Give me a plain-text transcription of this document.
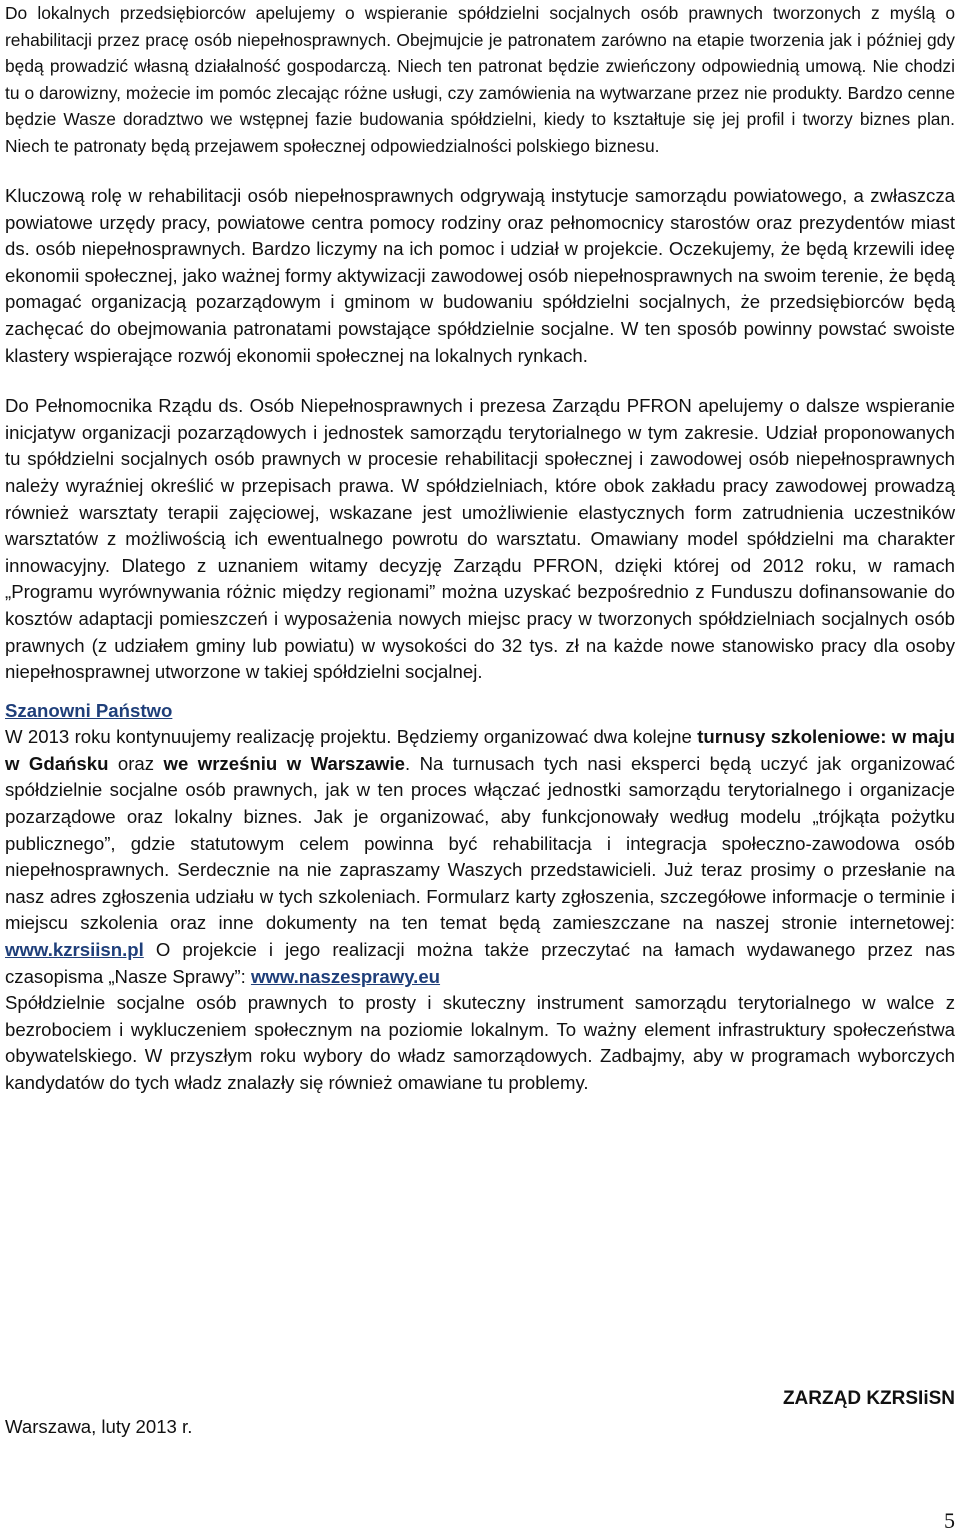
Do lokalnych przedsiębiorców apelujemy o wspieranie spółdzielni socjalnych osób prawnych tworzonych z myślą o rehabilitacji przez pracę osób niepełnosprawnych. Obejmujcie je patronatem zarówno na etapie tworzenia jak i później gdy będą prowadzić własną działalność gospodarczą. Niech ten patronat będzie zwieńczony odpowiednią umową. Nie chodzi tu o darowizny, możecie im pomóc zlecając różne usługi, czy zamówienia na wytwarzane przez nie produkty. Bardzo cenne będzie Wasze doradztwo we wstępnej fazie budowania spółdzielni, kiedy to kształtuje się jej profil i tworzy biznes plan. Niech te patronaty będą przejawem społecznej odpowiedzialności polskiego biznesu.

Kluczową rolę w rehabilitacji osób niepełnosprawnych odgrywają instytucje samorządu powiatowego, a zwłaszcza powiatowe urzędy pracy, powiatowe centra pomocy rodziny oraz pełnomocnicy starostów oraz prezydentów miast ds. osób niepełnosprawnych. Bardzo liczymy na ich pomoc i udział w projekcie. Oczekujemy, że będą krzewili ideę ekonomii społecznej, jako ważnej formy aktywizacji zawodowej osób niepełnosprawnych na swoim terenie, że będą pomagać organizacją pozarządowym i gminom w budowaniu spółdzielni socjalnych, że przedsiębiorców będą zachęcać do obejmowania patronatami powstające spółdzielnie socjalne. W ten sposób powinny powstać swoiste klastery wspierające rozwój ekonomii społecznej na lokalnych rynkach.

Do Pełnomocnika Rządu ds. Osób Niepełnosprawnych i prezesa Zarządu PFRON apelujemy o dalsze wspieranie inicjatyw organizacji pozarządowych i jednostek samorządu terytorialnego w tym zakresie. Udział proponowanych tu spółdzielni socjalnych osób prawnych w procesie rehabilitacji społecznej i zawodowej osób niepełnosprawnych należy wyraźniej określić w przepisach prawa. W spółdzielniach, które obok zakładu pracy zawodowej prowadzą również warsztaty terapii zajęciowej, wskazane jest umożliwienie elastycznych form zatrudnienia uczestników warsztatów z możliwością ich ewentualnego powrotu do warsztatu. Omawiany model spółdzielni ma charakter innowacyjny. Dlatego z uznaniem witamy decyzję Zarządu PFRON, dzięki której od 2012 roku, w ramach „Programu wyrównywania różnic między regionami” można uzyskać bezpośrednio z Funduszu dofinansowanie do kosztów adaptacji pomieszczeń i wyposażenia nowych miejsc pracy w tworzonych spółdzielniach socjalnych osób prawnych (z udziałem gminy lub powiatu) w wysokości do 32 tys. zł na każde nowe stanowisko pracy dla osoby niepełnosprawnej utworzone w takiej spółdzielni socjalnej.

Szanowni Państwo

W 2013 roku kontynuujemy realizację projektu. Będziemy organizować dwa kolejne turnusy szkoleniowe: w maju w Gdańsku oraz we wrześniu w Warszawie. Na turnusach tych nasi eksperci będą uczyć jak organizować spółdzielnie socjalne osób prawnych, jak w ten proces włączać jednostki samorządu terytorialnego i organizacje pozarządowe oraz lokalny biznes. Jak je organizować, aby funkcjonowały według modelu „trójkąta pożytku publicznego”, gdzie statutowym celem powinna być rehabilitacja i integracja społeczno-zawodowa osób niepełnosprawnych. Serdecznie na nie zapraszamy Waszych przedstawicieli. Już teraz prosimy o przesłanie na nasz adres zgłoszenia udziału w tych szkoleniach. Formularz karty zgłoszenia, szczegółowe informacje o terminie i miejscu szkolenia oraz inne dokumenty na ten temat będą zamieszczane na naszej stronie internetowej: www.kzrsiisn.pl O projekcie i jego realizacji można także przeczytać na łamach wydawanego przez nas czasopisma „Nasze Sprawy”: www.naszesprawy.eu

Spółdzielnie socjalne osób prawnych to prosty i skuteczny instrument samorządu terytorialnego w walce z bezrobociem i wykluczeniem społecznym na poziomie lokalnym. To ważny element infrastruktury społeczeństwa obywatelskiego. W przyszłym roku wybory do władz samorządowych. Zadbajmy, aby w programach wyborczych kandydatów do tych władz znalazły się również omawiane tu problemy.

ZARZĄD KZRSIiSN
Warszawa, luty 2013 r.
5
